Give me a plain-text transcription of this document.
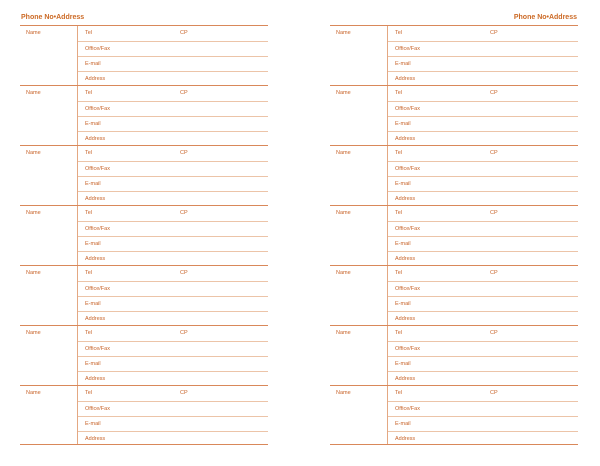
Phone No•Address
Name	Tel	CP
Office/Fax
E-mail
Address
Name	Tel	CP
Office/Fax
E-mail
Address
Name	Tel	CP
Office/Fax
E-mail
Address
Name	Tel	CP
Office/Fax
E-mail
Address
Name	Tel	CP
Office/Fax
E-mail
Address
Name	Tel	CP
Office/Fax
E-mail
Address
Name	Tel	CP
Office/Fax
E-mail
Address
Phone No•Address
Name	Tel	CP
Office/Fax
E-mail
Address
Name	Tel	CP
Office/Fax
E-mail
Address
Name	Tel	CP
Office/Fax
E-mail
Address
Name	Tel	CP
Office/Fax
E-mail
Address
Name	Tel	CP
Office/Fax
E-mail
Address
Name	Tel	CP
Office/Fax
E-mail
Address
Name	Tel	CP
Office/Fax
E-mail
Address
